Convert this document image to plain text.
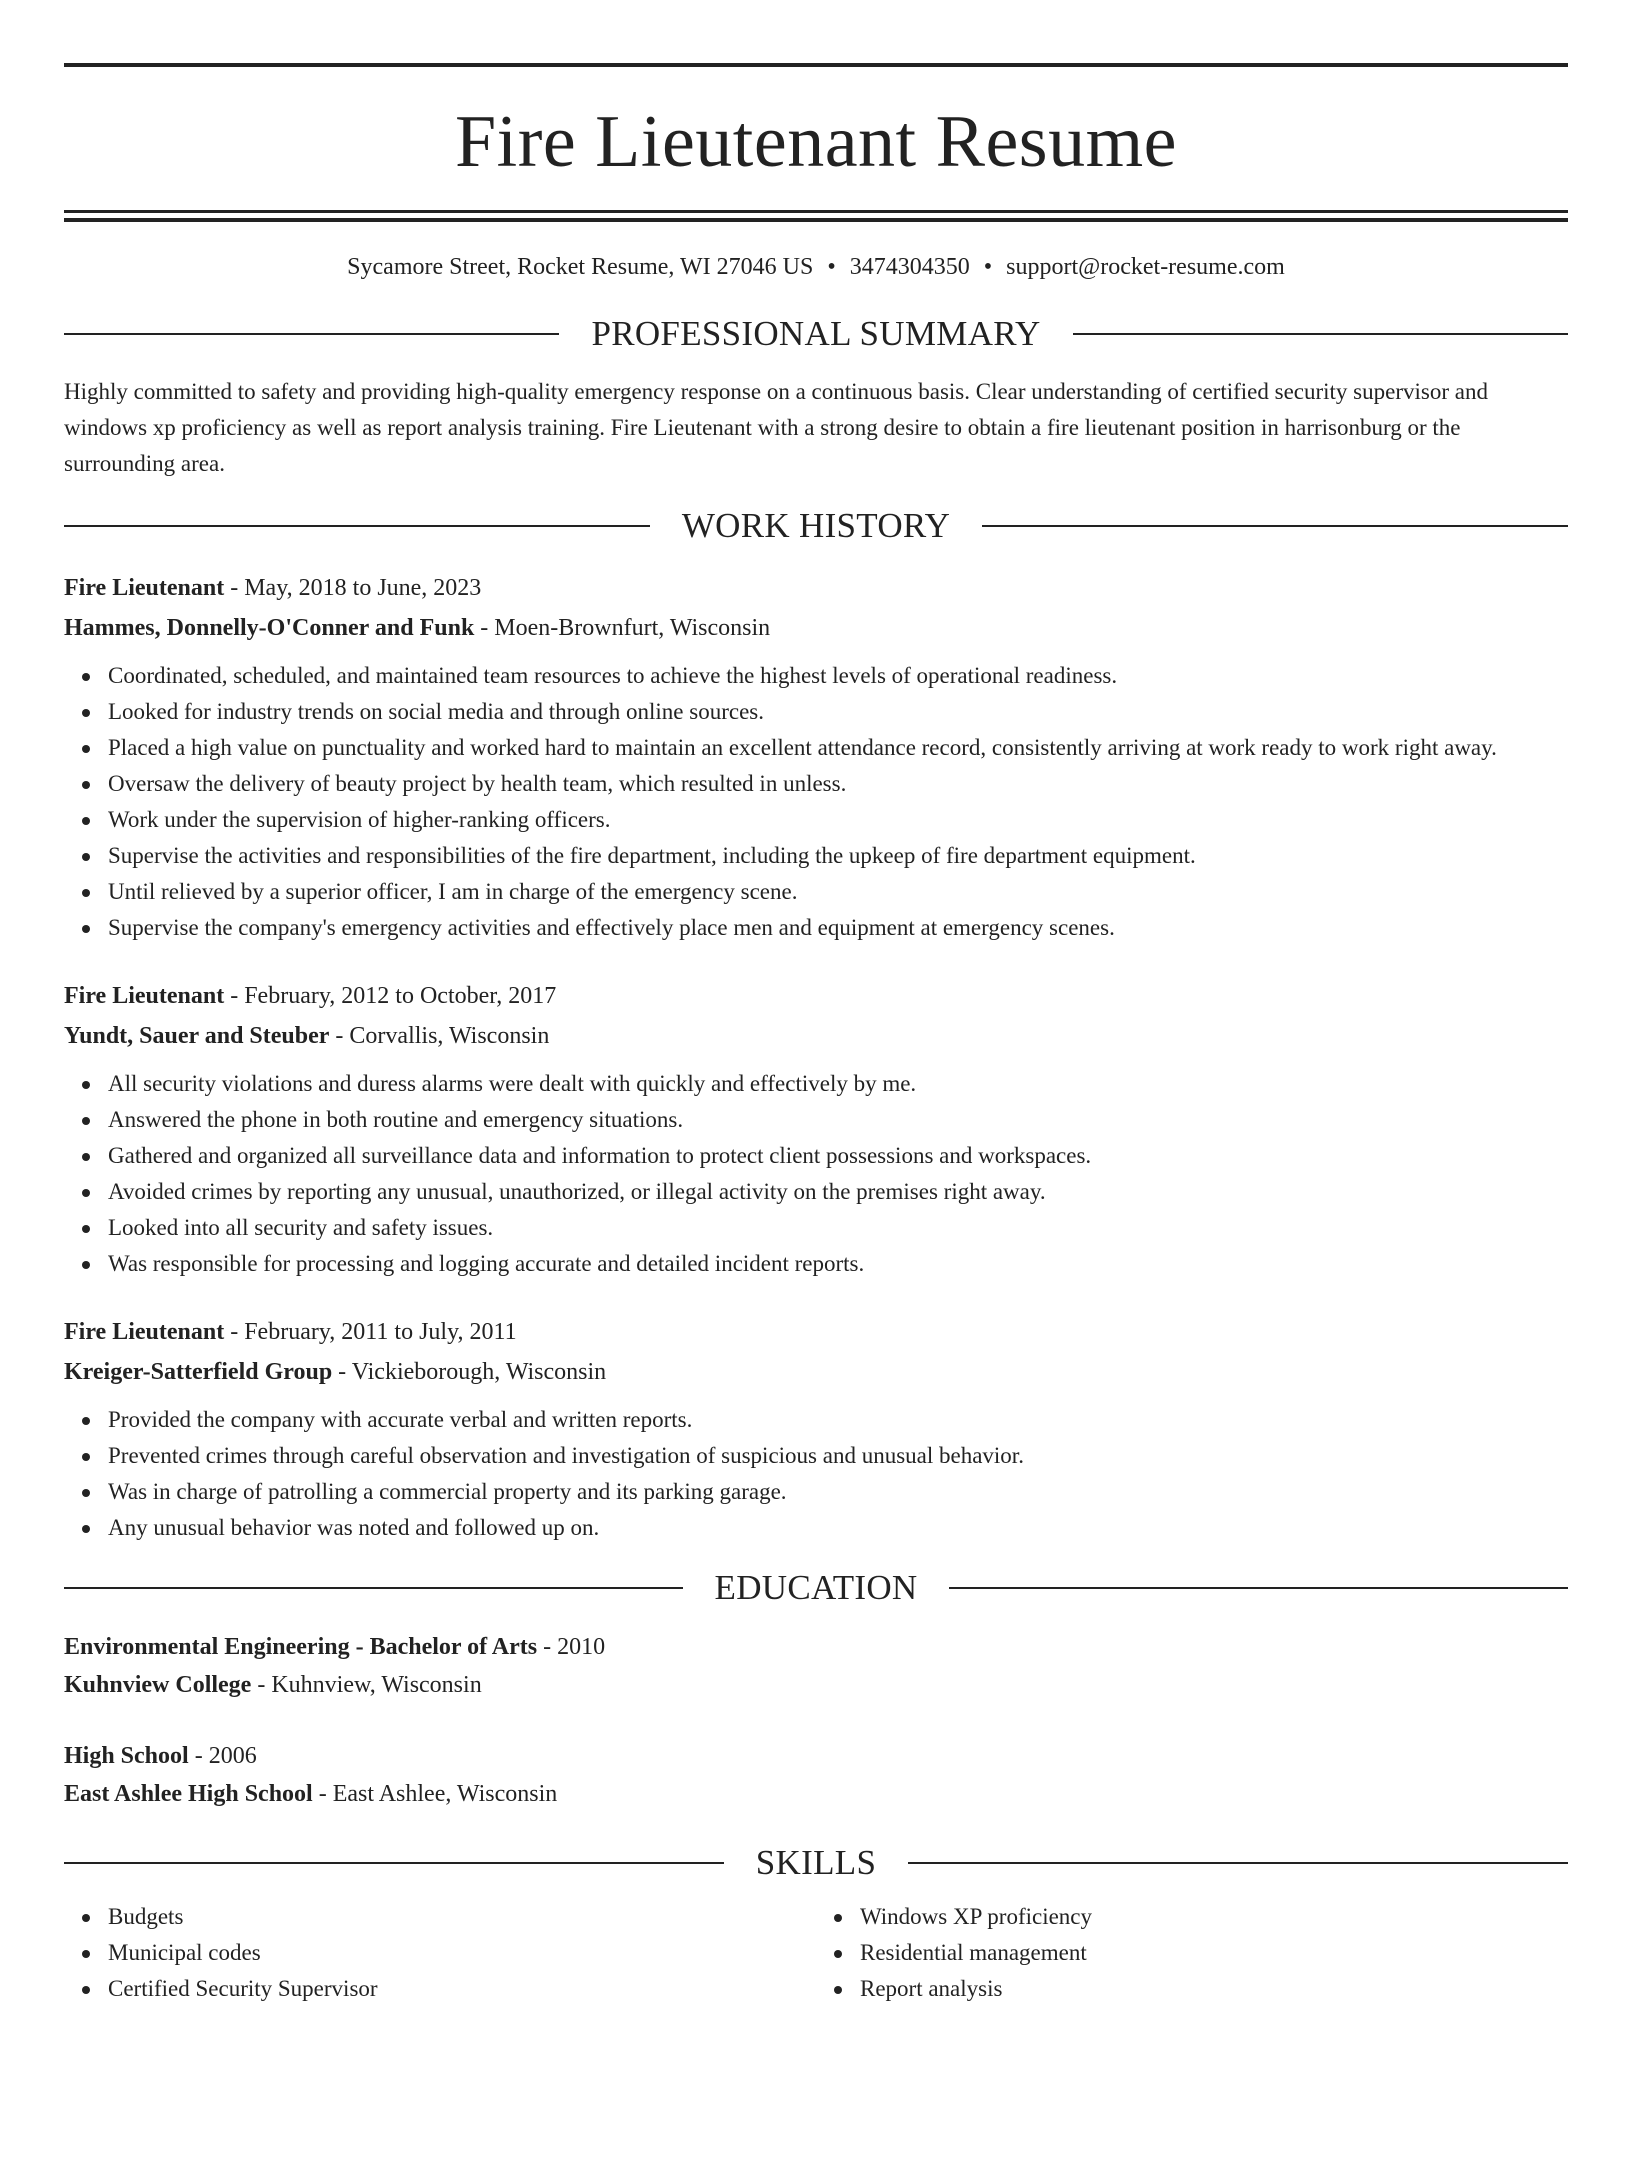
Fire Lieutenant Resume
Sycamore Street, Rocket Resume, WI 27046 US • 3474304350 • support@rocket-resume.com
PROFESSIONAL SUMMARY
Highly committed to safety and providing high-quality emergency response on a continuous basis. Clear understanding of certified security supervisor and windows xp proficiency as well as report analysis training. Fire Lieutenant with a strong desire to obtain a fire lieutenant position in harrisonburg or the surrounding area.
WORK HISTORY
Fire Lieutenant - May, 2018 to June, 2023
Hammes, Donnelly-O'Conner and Funk - Moen-Brownfurt, Wisconsin
Coordinated, scheduled, and maintained team resources to achieve the highest levels of operational readiness.
Looked for industry trends on social media and through online sources.
Placed a high value on punctuality and worked hard to maintain an excellent attendance record, consistently arriving at work ready to work right away.
Oversaw the delivery of beauty project by health team, which resulted in unless.
Work under the supervision of higher-ranking officers.
Supervise the activities and responsibilities of the fire department, including the upkeep of fire department equipment.
Until relieved by a superior officer, I am in charge of the emergency scene.
Supervise the company's emergency activities and effectively place men and equipment at emergency scenes.
Fire Lieutenant - February, 2012 to October, 2017
Yundt, Sauer and Steuber - Corvallis, Wisconsin
All security violations and duress alarms were dealt with quickly and effectively by me.
Answered the phone in both routine and emergency situations.
Gathered and organized all surveillance data and information to protect client possessions and workspaces.
Avoided crimes by reporting any unusual, unauthorized, or illegal activity on the premises right away.
Looked into all security and safety issues.
Was responsible for processing and logging accurate and detailed incident reports.
Fire Lieutenant - February, 2011 to July, 2011
Kreiger-Satterfield Group - Vickieborough, Wisconsin
Provided the company with accurate verbal and written reports.
Prevented crimes through careful observation and investigation of suspicious and unusual behavior.
Was in charge of patrolling a commercial property and its parking garage.
Any unusual behavior was noted and followed up on.
EDUCATION
Environmental Engineering - Bachelor of Arts - 2010
Kuhnview College - Kuhnview, Wisconsin
High School - 2006
East Ashlee High School - East Ashlee, Wisconsin
SKILLS
Budgets
Municipal codes
Certified Security Supervisor
Windows XP proficiency
Residential management
Report analysis
